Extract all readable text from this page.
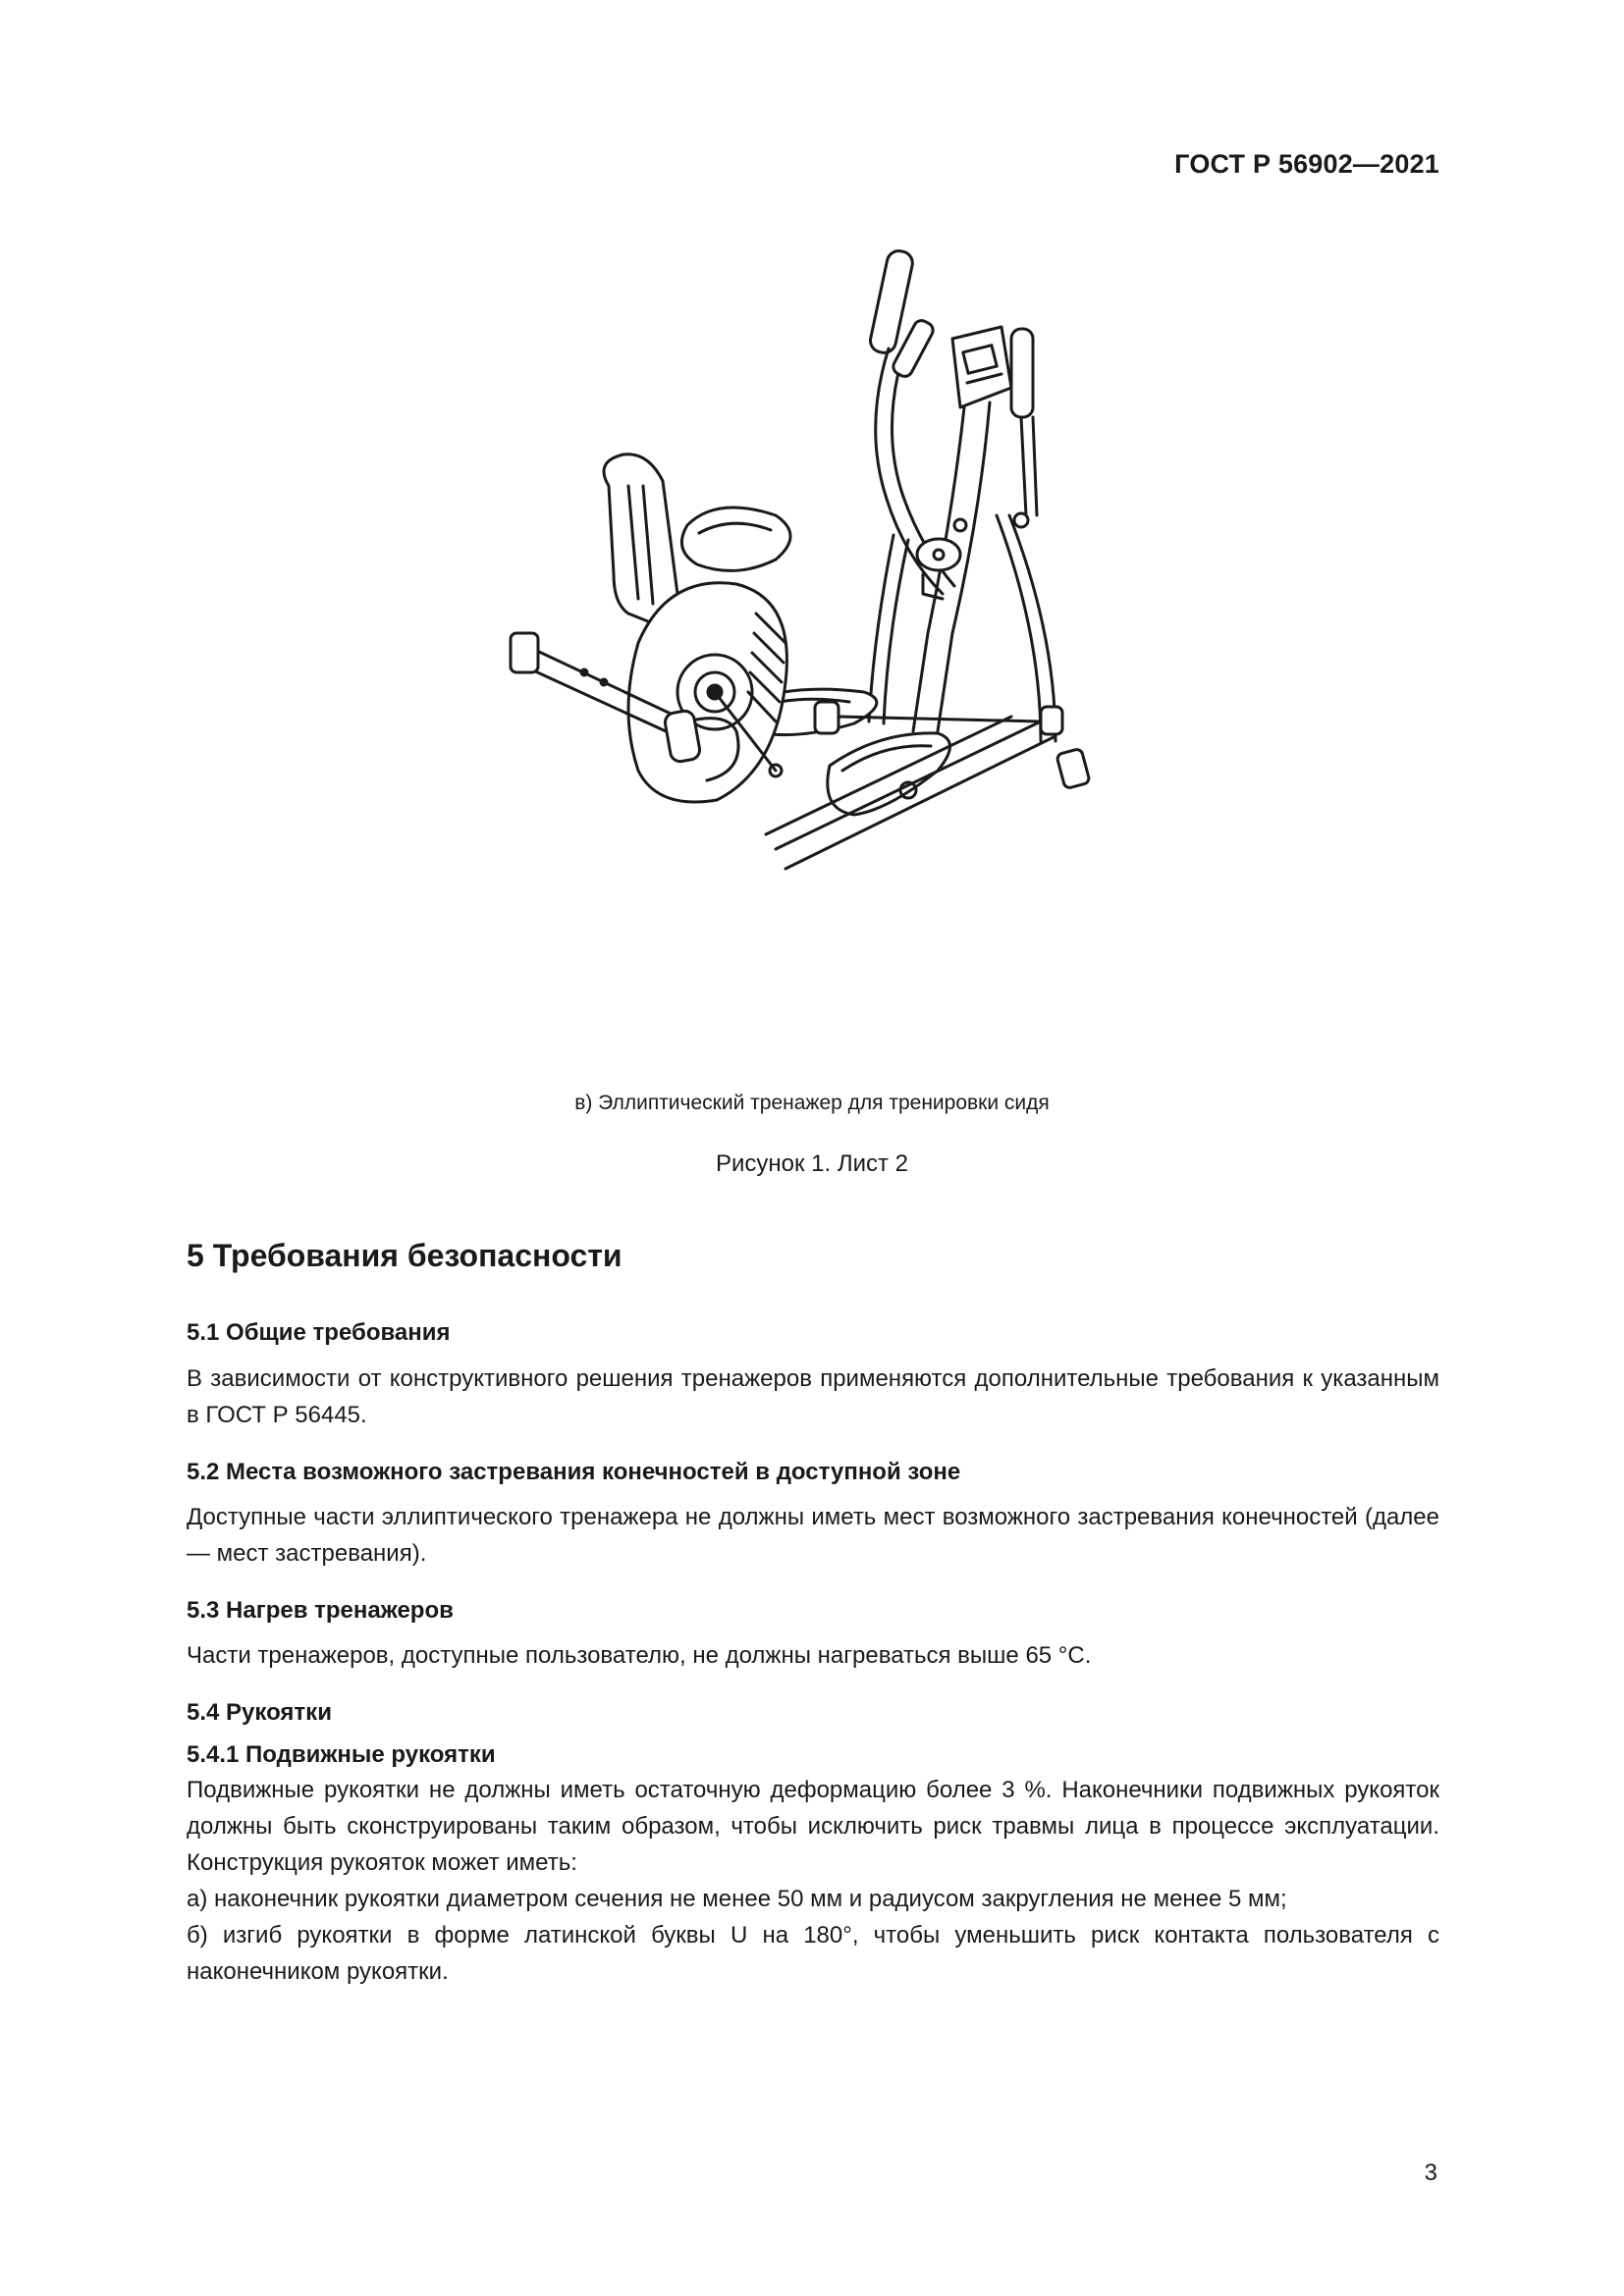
ГОСТ Р 56902—2021
в) Эллиптический тренажер для тренировки сидя
Рисунок 1. Лист 2
5 Требования безопасности
5.1 Общие требования

В зависимости от конструктивного решения тренажеров применяются дополнительные требования к указанным в ГОСТ Р 56445.

5.2 Места возможного застревания конечностей в доступной зоне

Доступные части эллиптического тренажера не должны иметь мест возможного застревания конечностей (далее — мест застревания).

5.3 Нагрев тренажеров

Части тренажеров, доступные пользователю, не должны нагреваться выше 65 °C.

5.4 Рукоятки
5.4.1 Подвижные рукоятки

Подвижные рукоятки не должны иметь остаточную деформацию более 3 %. Наконечники подвижных рукояток должны быть сконструированы таким образом, чтобы исключить риск травмы лица в процессе эксплуатации. Конструкция рукояток может иметь:

а) наконечник рукоятки диаметром сечения не менее 50 мм и радиусом закругления не менее 5 мм;

б) изгиб рукоятки в форме латинской буквы U на 180°, чтобы уменьшить риск контакта пользователя с наконечником рукоятки.

3
